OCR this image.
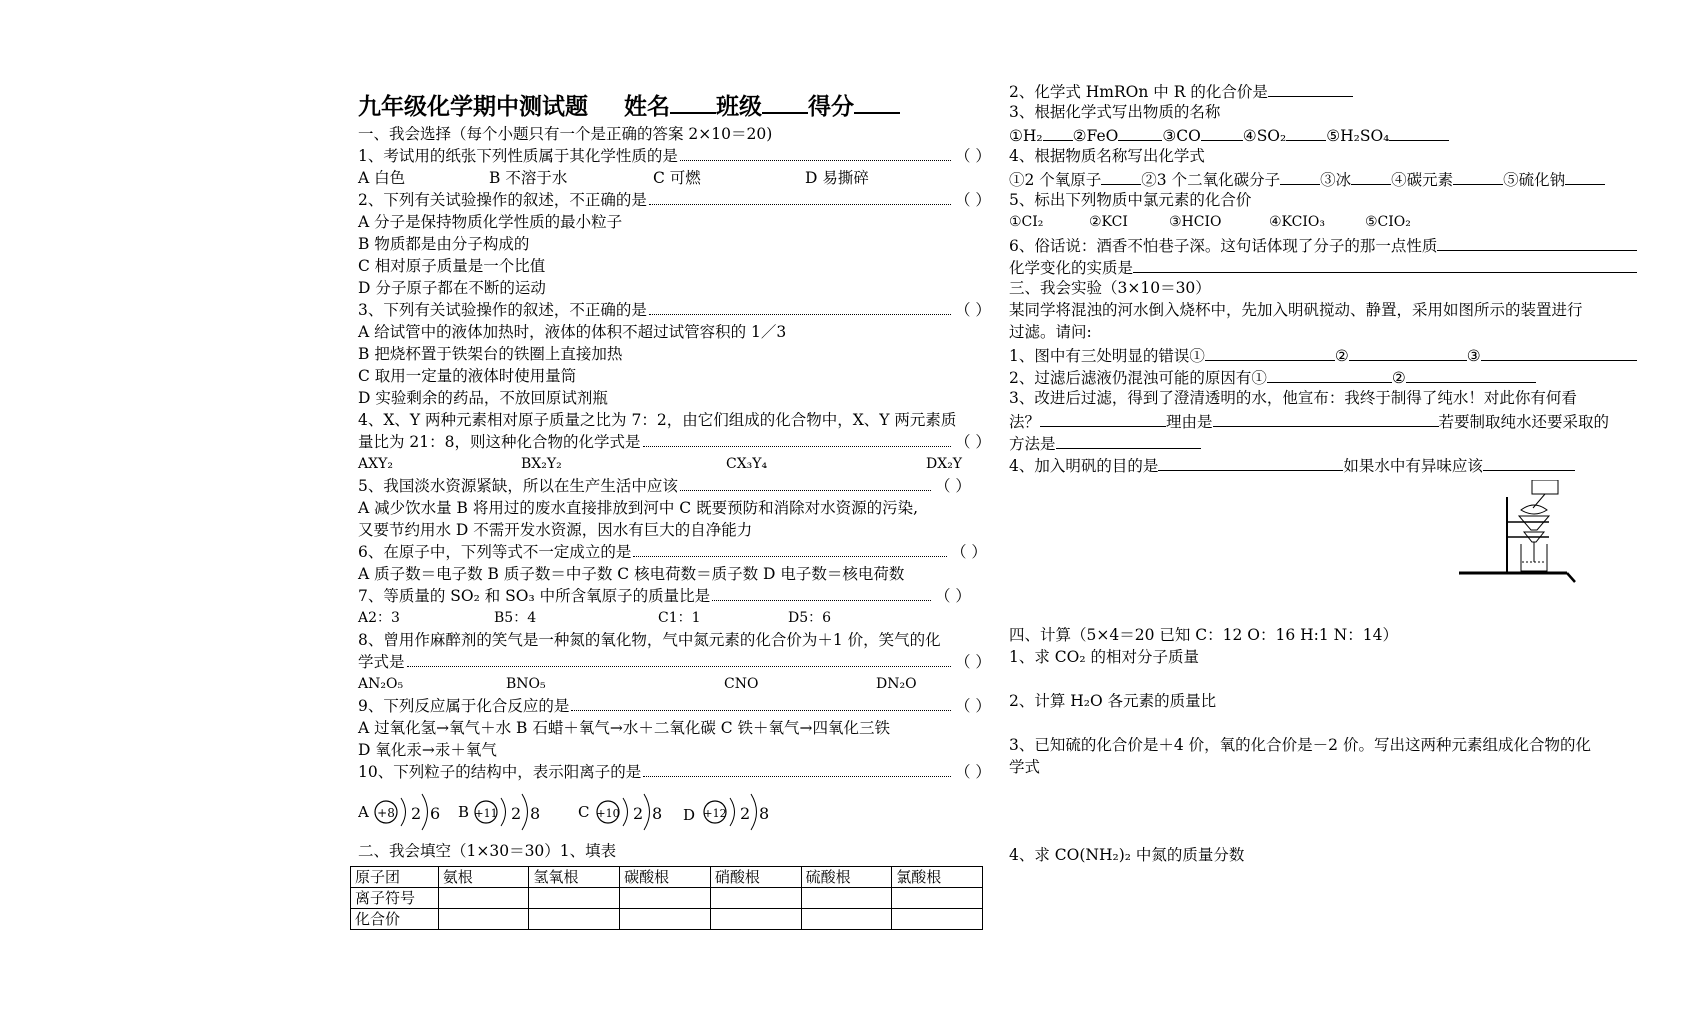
九年级化学期中测试题 姓名 班级 得分
一、我会选择（每个小题只有一个是正确的答案 2×10＝20)
1、考试用的纸张下列性质属于其化学性质的是	（ ）
A 白色	B 不溶于水	C 可燃	D 易撕碎
2、下列有关试验操作的叙述，不正确的是	（ ）
A 分子是保持物质化学性质的最小粒子
B 物质都是由分子构成的
C 相对原子质量是一个比值
D 分子原子都在不断的运动
3、下列有关试验操作的叙述，不正确的是	（ ）
A 给试管中的液体加热时，液体的体积不超过试管容积的 1／3
B 把烧杯置于铁架台的铁圈上直接加热
C 取用一定量的液体时使用量筒
D 实验剩余的药品，不放回原试剂瓶
4、X、Y 两种元素相对原子质量之比为 7：2，由它们组成的化合物中，X、Y 两元素质
量比为 21：8，则这种化合物的化学式是	（ ）
AXY₂	BX₂Y₂	CX₃Y₄	DX₂Y
5、我国淡水资源紧缺，所以在生产生活中应该	（ ）
A 减少饮水量 B 将用过的废水直接排放到河中 C 既要预防和消除对水资源的污染,
又要节约用水 D 不需开发水资源，因水有巨大的自净能力
6、在原子中，下列等式不一定成立的是	（ ）
A 质子数＝电子数 B 质子数＝中子数 C 核电荷数＝质子数 D 电子数＝核电荷数
7、等质量的 SO₂ 和 SO₃ 中所含氧原子的质量比是	（ ）
A2：3	B5：4	C1：1	D5：6
8、曾用作麻醉剂的笑气是一种氮的氧化物，气中氮元素的化合价为＋1 价，笑气的化
学式是	（ ）
AN₂O₅	BNO₅	CNO	DN₂O
9、下列反应属于化合反应的是	（ ）
A 过氧化氢→氧气＋水 B 石蜡＋氧气→水＋二氧化碳 C 铁＋氧气→四氧化三铁
D 氧化汞→汞＋氧气
10、下列粒子的结构中，表示阳离子的是	（ ）
A +8 2 6 B +11 2 8	C +10 2 8 D +12 2 8
二、我会填空（1×30＝30）1、填表
原子团	氨根	氢氧根	碳酸根	硝酸根	硫酸根	氯酸根
离子符号						
化合价						
2、化学式 HmROn 中 R 的化合价是
3、根据化学式写出物质的名称
①H₂ ②FeO	③CO	④SO₂	⑤H₂SO₄
4、根据物质名称写出化学式
①2 个氧原子	②3 个二氧化碳分子	③冰	④碳元素	⑤硫化钠
5、标出下列物质中氯元素的化合价
①CI₂	②KCI	③HCIO	④KCIO₃	⑤CIO₂
6、俗话说：酒香不怕巷子深。这句话体现了分子的那一点性质
化学变化的实质是
三、我会实验（3×10＝30）
某同学将混浊的河水倒入烧杯中，先加入明矾搅动、静置，采用如图所示的装置进行
过滤。请问:
1、图中有三处明显的错误①	②	③
2、过滤后滤液仍混浊可能的原因有①	②
3、改进后过滤，得到了澄清透明的水，他宣布：我终于制得了纯水！对此你有何看
法？	理由是	若要制取纯水还要采取的
方法是
4、加入明矾的目的是	如果水中有异味应该
四、计算（5×4＝20 已知 C：12 O：16 H:1 N：14）
1、求 CO₂ 的相对分子质量
2、计算 H₂O 各元素的质量比
3、已知硫的化合价是＋4 价，氧的化合价是－2 价。写出这两种元素组成化合物的化
学式
4、求 CO(NH₂)₂ 中氮的质量分数
